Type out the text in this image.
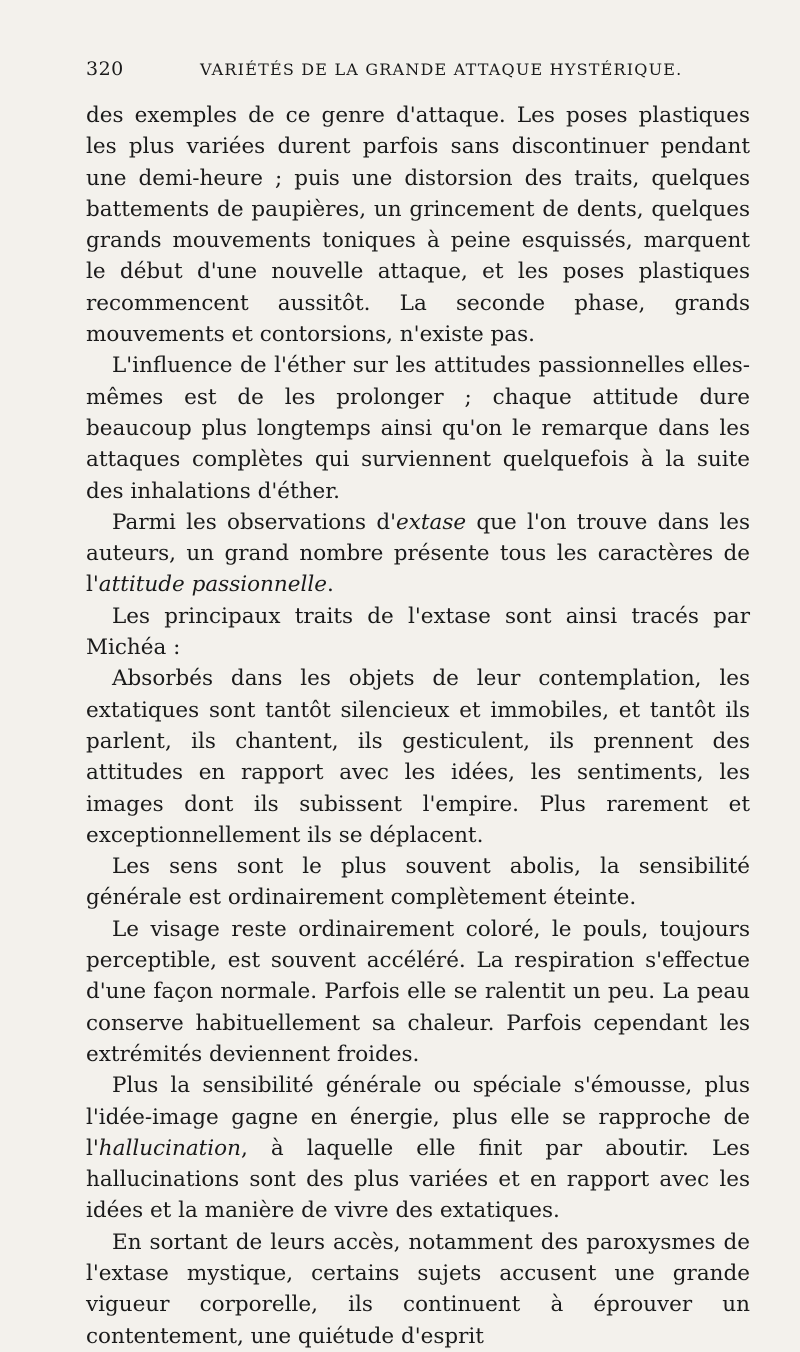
320	VARIÉTÉS DE LA GRANDE ATTAQUE HYSTÉRIQUE.

des exemples de ce genre d'attaque. Les poses plastiques les plus variées durent parfois sans discontinuer pendant une demi-heure ; puis une distorsion des traits, quelques battements de paupières, un grincement de dents, quelques grands mouvements toniques à peine esquissés, marquent le début d'une nouvelle attaque, et les poses plastiques recommencent aussitôt. La seconde phase, grands mouvements et contorsions, n'existe pas.

L'influence de l'éther sur les attitudes passionnelles elles-mêmes est de les prolonger ; chaque attitude dure beaucoup plus longtemps ainsi qu'on le remarque dans les attaques complètes qui surviennent quelquefois à la suite des inhalations d'éther.

Parmi les observations d'extase que l'on trouve dans les auteurs, un grand nombre présente tous les caractères de l'attitude passionnelle.

Les principaux traits de l'extase sont ainsi tracés par Michéa :

Absorbés dans les objets de leur contemplation, les extatiques sont tantôt silencieux et immobiles, et tantôt ils parlent, ils chantent, ils gesticulent, ils prennent des attitudes en rapport avec les idées, les sentiments, les images dont ils subissent l'empire. Plus rarement et exceptionnellement ils se déplacent.

Les sens sont le plus souvent abolis, la sensibilité générale est ordinairement complètement éteinte.

Le visage reste ordinairement coloré, le pouls, toujours perceptible, est souvent accéléré. La respiration s'effectue d'une façon normale. Parfois elle se ralentit un peu. La peau conserve habituellement sa chaleur. Parfois cependant les extrémités deviennent froides.

Plus la sensibilité générale ou spéciale s'émousse, plus l'idée-image gagne en énergie, plus elle se rapproche de l'hallucination, à laquelle elle finit par aboutir. Les hallucinations sont des plus variées et en rapport avec les idées et la manière de vivre des extatiques.

En sortant de leurs accès, notamment des paroxysmes de l'extase mystique, certains sujets accusent une grande vigueur corporelle, ils continuent à éprouver un contentement, une quiétude d'esprit
